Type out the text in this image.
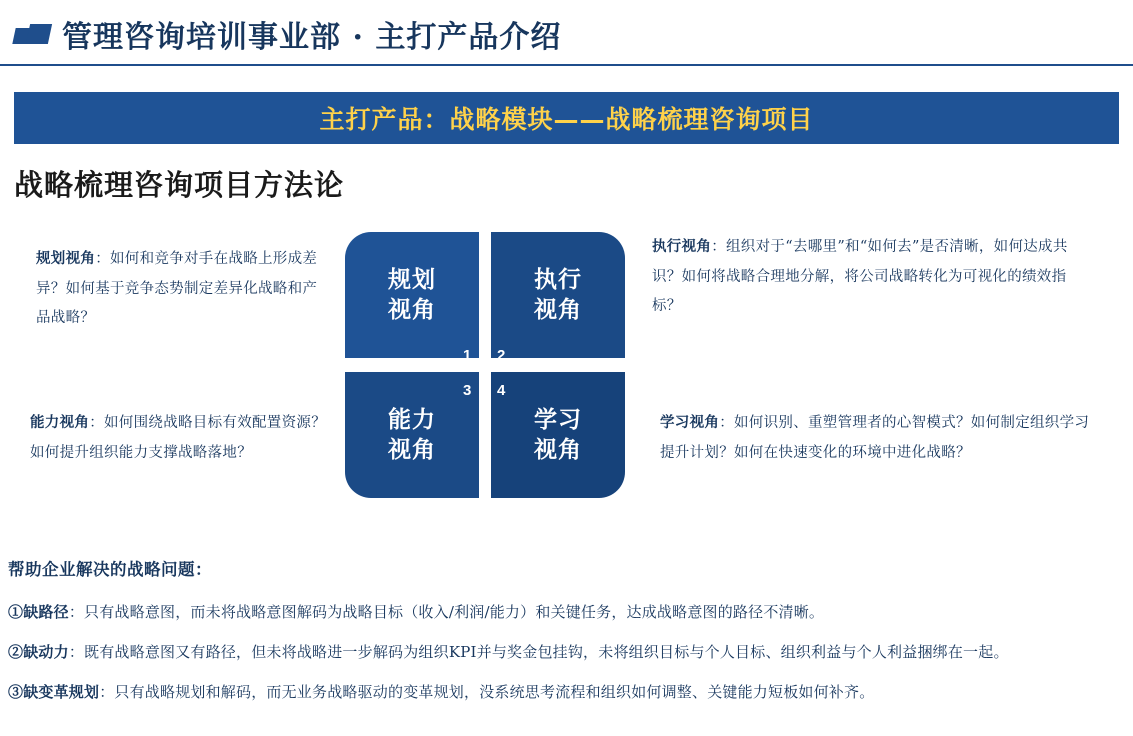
管理咨询培训事业部 · 主打产品介绍
主打产品：战略模块——战略梳理咨询项目
战略梳理咨询项目方法论
规划
视角
执行
视角
能力
视角
学习
视角
1 2
3 4
规划视角：如何和竞争对手在战略上形成差异？如何基于竞争态势制定差异化战略和产品战略？
执行视角：组织对于“去哪里”和“如何去”是否清晰，如何达成共识？如何将战略合理地分解，将公司战略转化为可视化的绩效指标？
能力视角：如何围绕战略目标有效配置资源？如何提升组织能力支撑战略落地？
学习视角：如何识别、重塑管理者的心智模式？如何制定组织学习提升计划？如何在快速变化的环境中进化战略？
帮助企业解决的战略问题：
①缺路径：只有战略意图，而未将战略意图解码为战略目标（收入/利润/能力）和关键任务，达成战略意图的路径不清晰。
②缺动力：既有战略意图又有路径，但未将战略进一步解码为组织KPI并与奖金包挂钩，未将组织目标与个人目标、组织利益与个人利益捆绑在一起。
③缺变革规划：只有战略规划和解码，而无业务战略驱动的变革规划，没系统思考流程和组织如何调整、关键能力短板如何补齐。
